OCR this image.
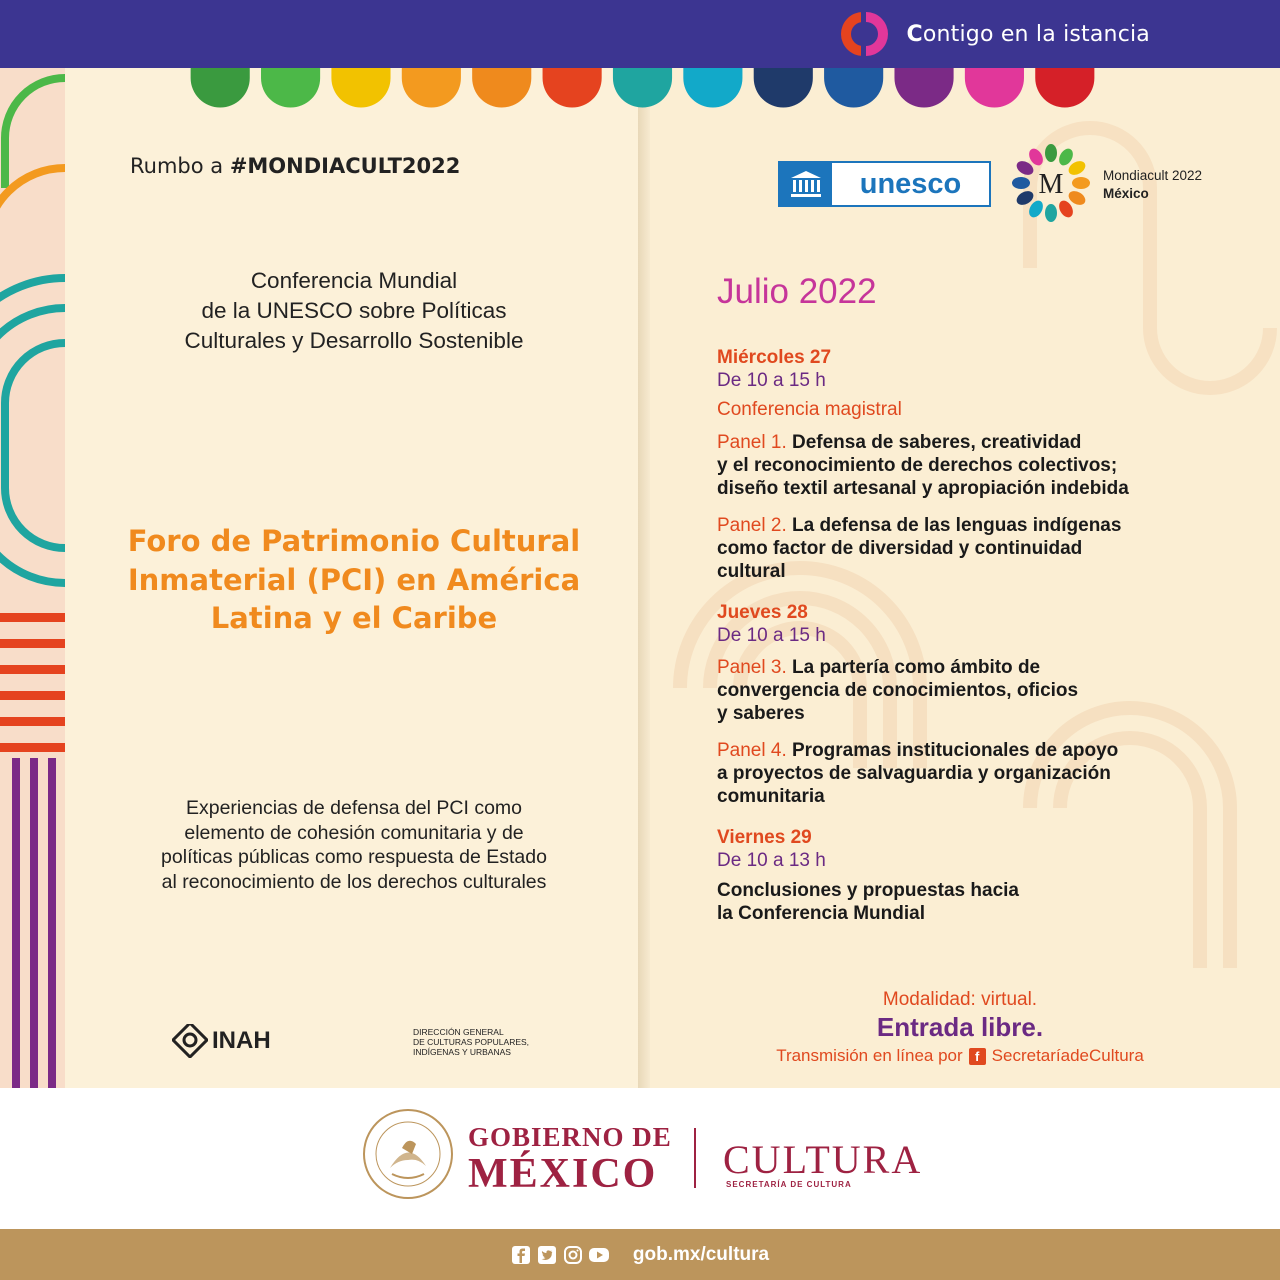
Contigo en la istancia
Rumbo a #MONDIACULT2022
Conferencia Mundial
de la UNESCO sobre Políticas
Culturales y Desarrollo Sostenible
Foro de Patrimonio Cultural
Inmaterial (PCI) en América
Latina y el Caribe
Experiencias de defensa del PCI como
elemento de cohesión comunitaria y de
políticas públicas como respuesta de Estado
al reconocimiento de los derechos culturales
INAH	DIRECCIÓN GENERAL
DE CULTURAS POPULARES,
INDÍGENAS Y URBANAS
unesco	M	Mondiacult 2022
México
Julio 2022

Miércoles 27

De 10 a 15 h

Conferencia magistral

Panel 1. Defensa de saberes, creatividad
y el reconocimiento de derechos colectivos;
diseño textil artesanal y apropiación indebida

Panel 2. La defensa de las lenguas indígenas
como factor de diversidad y continuidad
cultural

Jueves 28

De 10 a 15 h

Panel 3. La partería como ámbito de
convergencia de conocimientos, oficios
y saberes

Panel 4. Programas institucionales de apoyo
a proyectos de salvaguardia y organización
comunitaria

Viernes 29

De 10 a 13 h

Conclusiones y propuestas hacia
la Conferencia Mundial

Modalidad: virtual.
Entrada libre.
Transmisión en línea por f SecretaríadeCultura
GOBIERNO DE
MÉXICO	CULTURA
SECRETARÍA DE CULTURA
gob.mx/cultura
